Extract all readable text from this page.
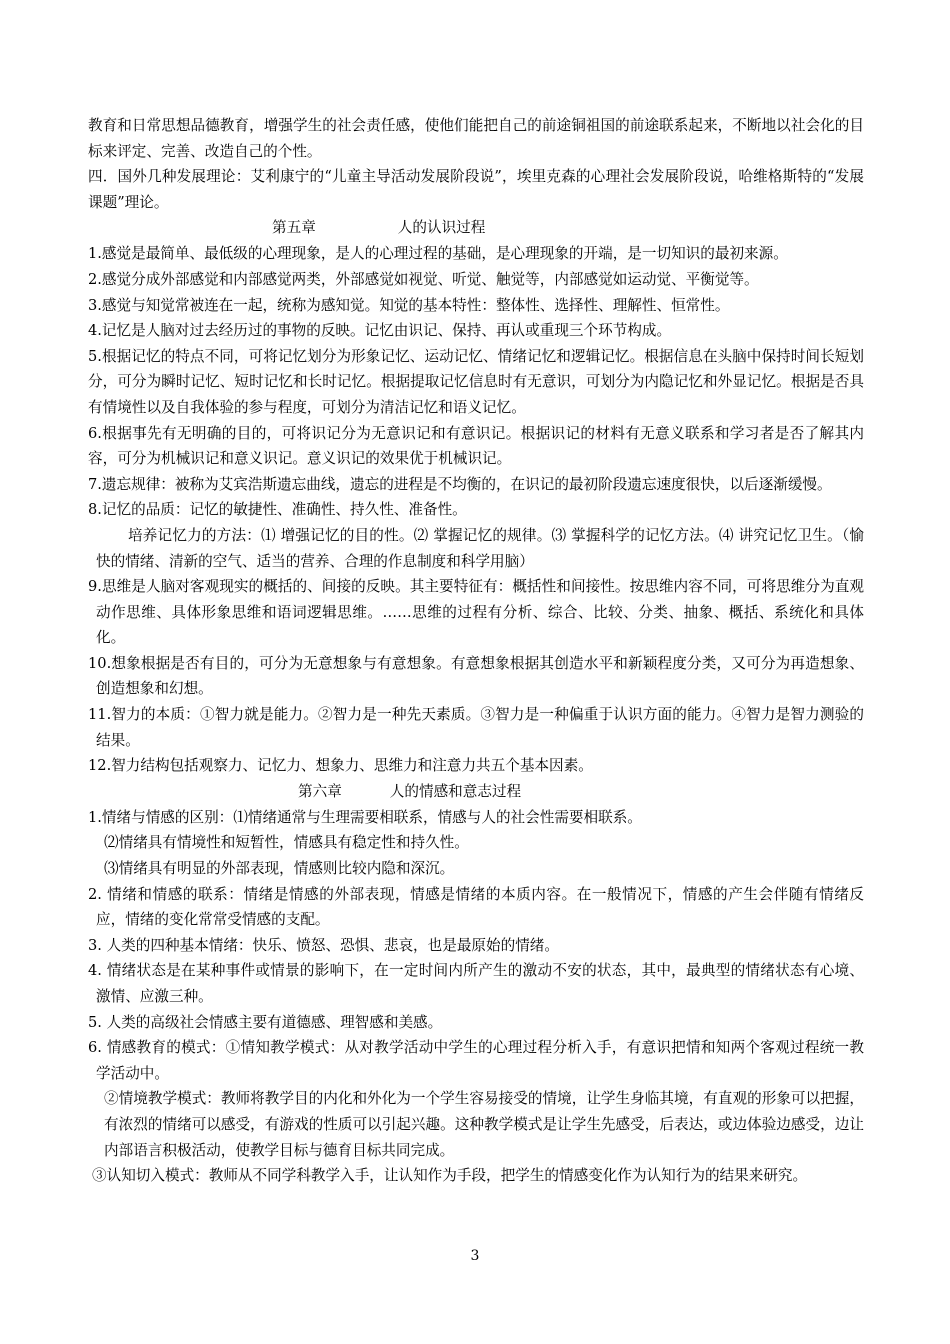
教育和日常思想品德教育，增强学生的社会责任感，使他们能把自己的前途铜祖国的前途联系起来，不断地以社会化的目标来评定、完善、改造自己的个性。

四．国外几种发展理论：艾利康宁的“儿童主导活动发展阶段说”，埃里克森的心理社会发展阶段说，哈维格斯特的“发展课题”理论。

第五章	人的认识过程

1.感觉是最简单、最低级的心理现象，是人的心理过程的基础，是心理现象的开端，是一切知识的最初来源。

2.感觉分成外部感觉和内部感觉两类，外部感觉如视觉、听觉、触觉等，内部感觉如运动觉、平衡觉等。

3.感觉与知觉常被连在一起，统称为感知觉。知觉的基本特性：整体性、选择性、理解性、恒常性。

4.记忆是人脑对过去经历过的事物的反映。记忆由识记、保持、再认或重现三个环节构成。

5.根据记忆的特点不同，可将记忆划分为形象记忆、运动记忆、情绪记忆和逻辑记忆。根据信息在头脑中保持时间长短划分，可分为瞬时记忆、短时记忆和长时记忆。根据提取记忆信息时有无意识，可划分为内隐记忆和外显记忆。根据是否具有情境性以及自我体验的参与程度，可划分为清洁记忆和语义记忆。

6.根据事先有无明确的目的，可将识记分为无意识记和有意识记。根据识记的材料有无意义联系和学习者是否了解其内容，可分为机械识记和意义识记。意义识记的效果优于机械识记。

7.遗忘规律：被称为艾宾浩斯遗忘曲线，遗忘的进程是不均衡的，在识记的最初阶段遗忘速度很快，以后逐渐缓慢。

8.记忆的品质：记忆的敏捷性、准确性、持久性、准备性。

培养记忆力的方法：⑴ 增强记忆的目的性。⑵ 掌握记忆的规律。⑶ 掌握科学的记忆方法。⑷ 讲究记忆卫生。（愉快的情绪、清新的空气、适当的营养、合理的作息制度和科学用脑）

9.思维是人脑对客观现实的概括的、间接的反映。其主要特征有：概括性和间接性。按思维内容不同，可将思维分为直观动作思维、具体形象思维和语词逻辑思维。……思维的过程有分析、综合、比较、分类、抽象、概括、系统化和具体化。

10.想象根据是否有目的，可分为无意想象与有意想象。有意想象根据其创造水平和新颖程度分类，又可分为再造想象、创造想象和幻想。

11.智力的本质：①智力就是能力。②智力是一种先天素质。③智力是一种偏重于认识方面的能力。④智力是智力测验的结果。

12.智力结构包括观察力、记忆力、想象力、思维力和注意力共五个基本因素。

第六章	人的情感和意志过程

1.情绪与情感的区别：⑴情绪通常与生理需要相联系，情感与人的社会性需要相联系。

⑵情绪具有情境性和短暂性，情感具有稳定性和持久性。

⑶情绪具有明显的外部表现，情感则比较内隐和深沉。

2. 情绪和情感的联系：情绪是情感的外部表现，情感是情绪的本质内容。在一般情况下，情感的产生会伴随有情绪反应，情绪的变化常常受情感的支配。

3. 人类的四种基本情绪：快乐、愤怒、恐惧、悲哀，也是最原始的情绪。

4. 情绪状态是在某种事件或情景的影响下，在一定时间内所产生的激动不安的状态，其中，最典型的情绪状态有心境、激情、应激三种。

5. 人类的高级社会情感主要有道德感、理智感和美感。

6. 情感教育的模式：①情知教学模式：从对教学活动中学生的心理过程分析入手，有意识把情和知两个客观过程统一教学活动中。

②情境教学模式：教师将教学目的内化和外化为一个学生容易接受的情境，让学生身临其境，有直观的形象可以把握，有浓烈的情绪可以感受，有游戏的性质可以引起兴趣。这种教学模式是让学生先感受，后表达，或边体验边感受，边让内部语言积极活动，使教学目标与德育目标共同完成。

③认知切入模式：教师从不同学科教学入手，让认知作为手段，把学生的情感变化作为认知行为的结果来研究。

3
